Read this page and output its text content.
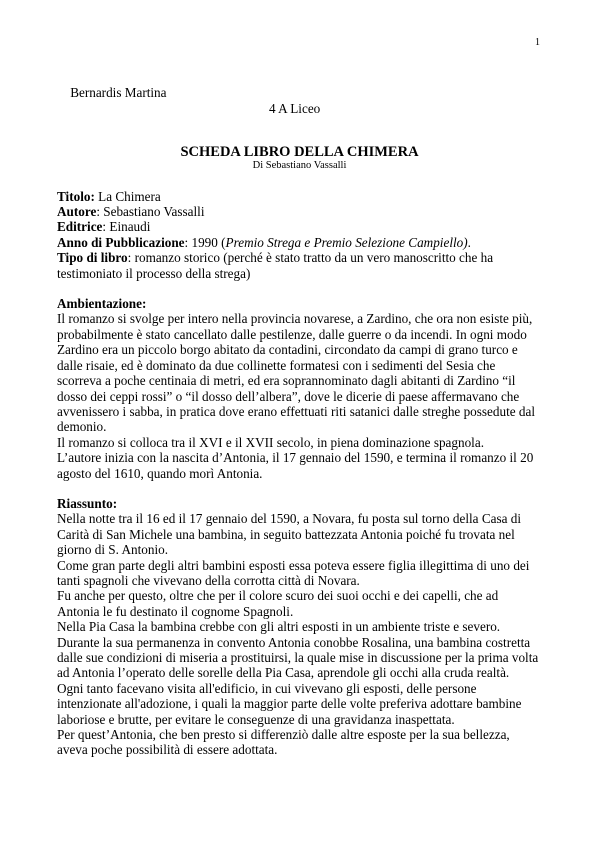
1

Bernardis Martina

4 A Liceo

SCHEDA LIBRO DELLA CHIMERA
Di Sebastiano Vassalli
Titolo: La Chimera
Autore: Sebastiano Vassalli
Editrice: Einaudi
Anno di Pubblicazione: 1990 (Premio Strega e Premio Selezione Campiello).
Tipo di libro: romanzo storico (perché è stato tratto da un vero manoscritto che ha testimoniato il processo della strega)
Ambientazione:

Il romanzo si svolge per intero nella provincia novarese, a Zardino, che ora non esiste più, probabilmente è stato cancellato dalle pestilenze, dalle guerre o da incendi. In ogni modo Zardino era un piccolo borgo abitato da contadini, circondato da campi di grano turco e dalle risaie, ed è dominato da due collinette formatesi con i sedimenti del Sesia che scorreva a poche centinaia di metri, ed era soprannominato dagli abitanti di Zardino “il dosso dei ceppi rossi” o “il dosso dell’albera”, dove le dicerie di paese affermavano che avvenissero i sabba, in pratica dove erano effettuati riti satanici dalle streghe possedute dal demonio.

Il romanzo si colloca tra il XVI e il XVII secolo, in piena dominazione spagnola.

L’autore inizia con la nascita d’Antonia, il 17 gennaio del 1590, e termina il romanzo il 20 agosto del 1610, quando morì Antonia.

Riassunto:

Nella notte tra il 16 ed il 17 gennaio del 1590, a Novara, fu posta sul torno della Casa di Carità di San Michele una bambina, in seguito battezzata Antonia poiché fu trovata nel giorno di S. Antonio.

Come gran parte degli altri bambini esposti essa poteva essere figlia illegittima di uno dei tanti spagnoli che vivevano della corrotta città di Novara.

Fu anche per questo, oltre che per il colore scuro dei suoi occhi e dei capelli, che ad Antonia le fu destinato il cognome Spagnoli.

Nella Pia Casa la bambina crebbe con gli altri esposti in un ambiente triste e severo.

Durante la sua permanenza in convento Antonia conobbe Rosalina, una bambina costretta dalle sue condizioni di miseria a prostituirsi, la quale mise in discussione per la prima volta ad Antonia l’operato delle sorelle della Pia Casa, aprendole gli occhi alla cruda realtà.

Ogni tanto facevano visita all'edificio, in cui vivevano gli esposti, delle persone intenzionate all'adozione, i quali la maggior parte delle volte preferiva adottare bambine laboriose e brutte, per evitare le conseguenze di una gravidanza inaspettata.

Per quest’Antonia, che ben presto si differenziò dalle altre esposte per la sua bellezza, aveva poche possibilità di essere adottata.
